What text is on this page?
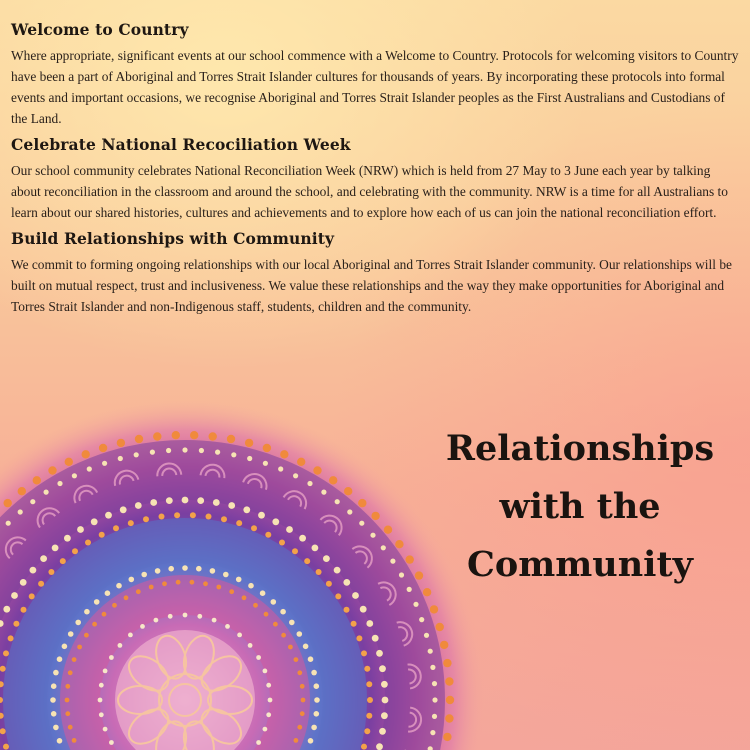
Welcome to Country

Where appropriate, significant events at our school commence with a Welcome to Country. Protocols for welcoming visitors to Country have been a part of Aboriginal and Torres Strait Islander cultures for thousands of years. By incorporating these protocols into formal events and important occasions, we recognise Aboriginal and Torres Strait Islander peoples as the First Australians and Custodians of the Land.

Celebrate National Recociliation Week

Our school community celebrates National Reconciliation Week (NRW) which is held from 27 May to 3 June each year by talking about reconciliation in the classroom and around the school, and celebrating with the community. NRW is a time for all Australians to learn about our shared histories, cultures and achievements and to explore how each of us can join the national reconciliation effort.

Build Relationships with Community

We commit to forming ongoing relationships with our local Aboriginal and Torres Strait Islander community. Our relationships will be built on mutual respect, trust and inclusiveness. We value these relationships and the way they make opportunities for Aboriginal and Torres Strait Islander and non-Indigenous staff, students, children and the community.

Relationships
with the
Community
